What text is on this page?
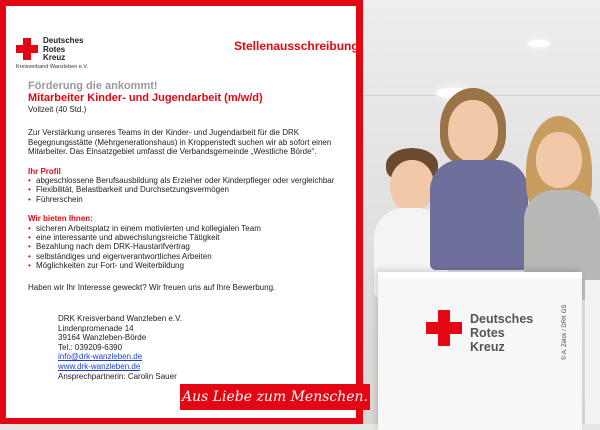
Deutsches
Rotes
Kreuz	© A. Zelck / DRK GS
Deutsches
Rotes
Kreuz
Kreisverband Wanzleben e.V.
Stellenausschreibung
Förderung die ankommt!
Mitarbeiter Kinder- und Jugendarbeit (m/w/d)
Vollzeit (40 Std.)
Zur Verstärkung unseres Teams in der Kinder- und Jugendarbeit für die DRK Begegnungsstätte (Mehrgenerationshaus) in Kroppenstedt suchen wir ab sofort einen Mitarbeiter. Das Einsatzgebiet umfasst die Verbandsgemeinde „Westliche Börde“.
Ihr Profil
• abgeschlossene Berufsausbildung als Erzieher oder Kinderpfleger oder vergleichbar
• Flexibilität, Belastbarkeit und Durchsetzungsvermögen
• Führerschein
Wir bieten Ihnen:
• sicheren Arbeitsplatz in einem motivierten und kollegialen Team
• eine interessante und abwechslungsreiche Tätigkeit
• Bezahlung nach dem DRK-Haustarifvertrag
• selbständiges und eigenverantwortliches Arbeiten
• Möglichkeiten zur Fort- und Weiterbildung
Haben wir Ihr Interesse geweckt? Wir freuen uns auf Ihre Bewerbung.
DRK Kreisverband Wanzleben e.V.
Lindenpromenade 14
39164 Wanzleben-Börde
Tel.: 039209-6390
info@drk-wanzleben.de
www.drk-wanzleben.de
Ansprechpartnerin: Carolin Sauer
Aus Liebe zum Menschen.
